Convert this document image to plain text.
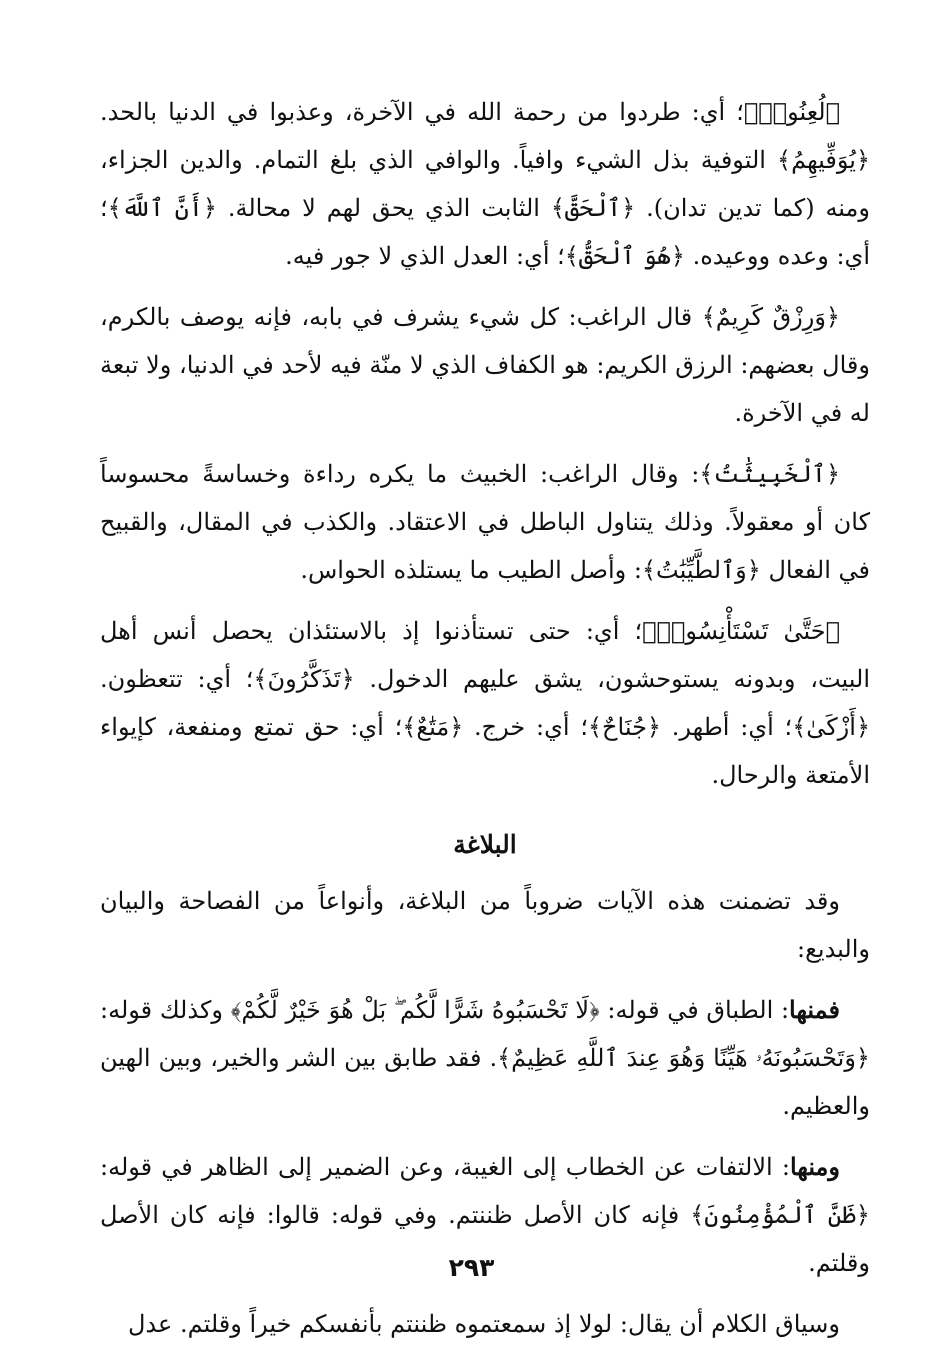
﴿لُعِنُوا۟﴾؛ أي: طردوا من رحمة الله في الآخرة، وعذبوا في الدنيا بالحد. ﴿يُوَفِّيهِمُ﴾ التوفية بذل الشيء وافياً. والوافي الذي بلغ التمام. والدين الجزاء، ومنه (كما تدين تدان). ﴿ٱلْحَقَّ﴾ الثابت الذي يحق لهم لا محالة. ﴿أَنَّ ٱللَّهَ﴾؛ أي: وعده ووعيده. ﴿هُوَ ٱلْحَقُّ﴾؛ أي: العدل الذي لا جور فيه.

﴿وَرِزْقٌ كَرِيمٌ﴾ قال الراغب: كل شيء يشرف في بابه، فإنه يوصف بالكرم، وقال بعضهم: الرزق الكريم: هو الكفاف الذي لا منّة فيه لأحد في الدنيا، ولا تبعة له في الآخرة.

﴿ٱلْخَبِيثَٰتُ﴾: وقال الراغب: الخبيث ما يكره رداءة وخساسةً محسوساً كان أو معقولاً. وذلك يتناول الباطل في الاعتقاد. والكذب في المقال، والقبيح في الفعال ﴿وَٱلطَّيِّبَٰتُ﴾: وأصل الطيب ما يستلذه الحواس.

﴿حَتَّىٰ تَسْتَأْنِسُوا۟﴾؛ أي: حتى تستأذنوا إذ بالاستئذان يحصل أنس أهل البيت، وبدونه يستوحشون، يشق عليهم الدخول. ﴿تَذَكَّرُونَ﴾؛ أي: تتعظون. ﴿أَزْكَىٰ﴾؛ أي: أطهر. ﴿جُنَاحٌ﴾؛ أي: خرج. ﴿مَتَٰعٌ﴾؛ أي: حق تمتع ومنفعة، كإيواء الأمتعة والرحال.

البلاغة

وقد تضمنت هذه الآيات ضروباً من البلاغة، وأنواعاً من الفصاحة والبيان والبديع:

فمنها: الطباق في قوله: ﴿لَا تَحْسَبُوهُ شَرًّا لَّكُم ۖ بَلْ هُوَ خَيْرٌ لَّكُمْ﴾ وكذلك قوله: ﴿وَتَحْسَبُونَهُۥ هَيِّنًا وَهُوَ عِندَ ٱللَّهِ عَظِيمٌ﴾. فقد طابق بين الشر والخير، وبين الهين والعظيم.

ومنها: الالتفات عن الخطاب إلى الغيبة، وعن الضمير إلى الظاهر في قوله: ﴿ظَنَّ ٱلْمُؤْمِنُونَ﴾ فإنه كان الأصل ظننتم. وفي قوله: قالوا: فإنه كان الأصل وقلتم.

وسياق الكلام أن يقال: لولا إذ سمعتموه ظننتم بأنفسكم خيراً وقلتم. عدل

٢٩٣
